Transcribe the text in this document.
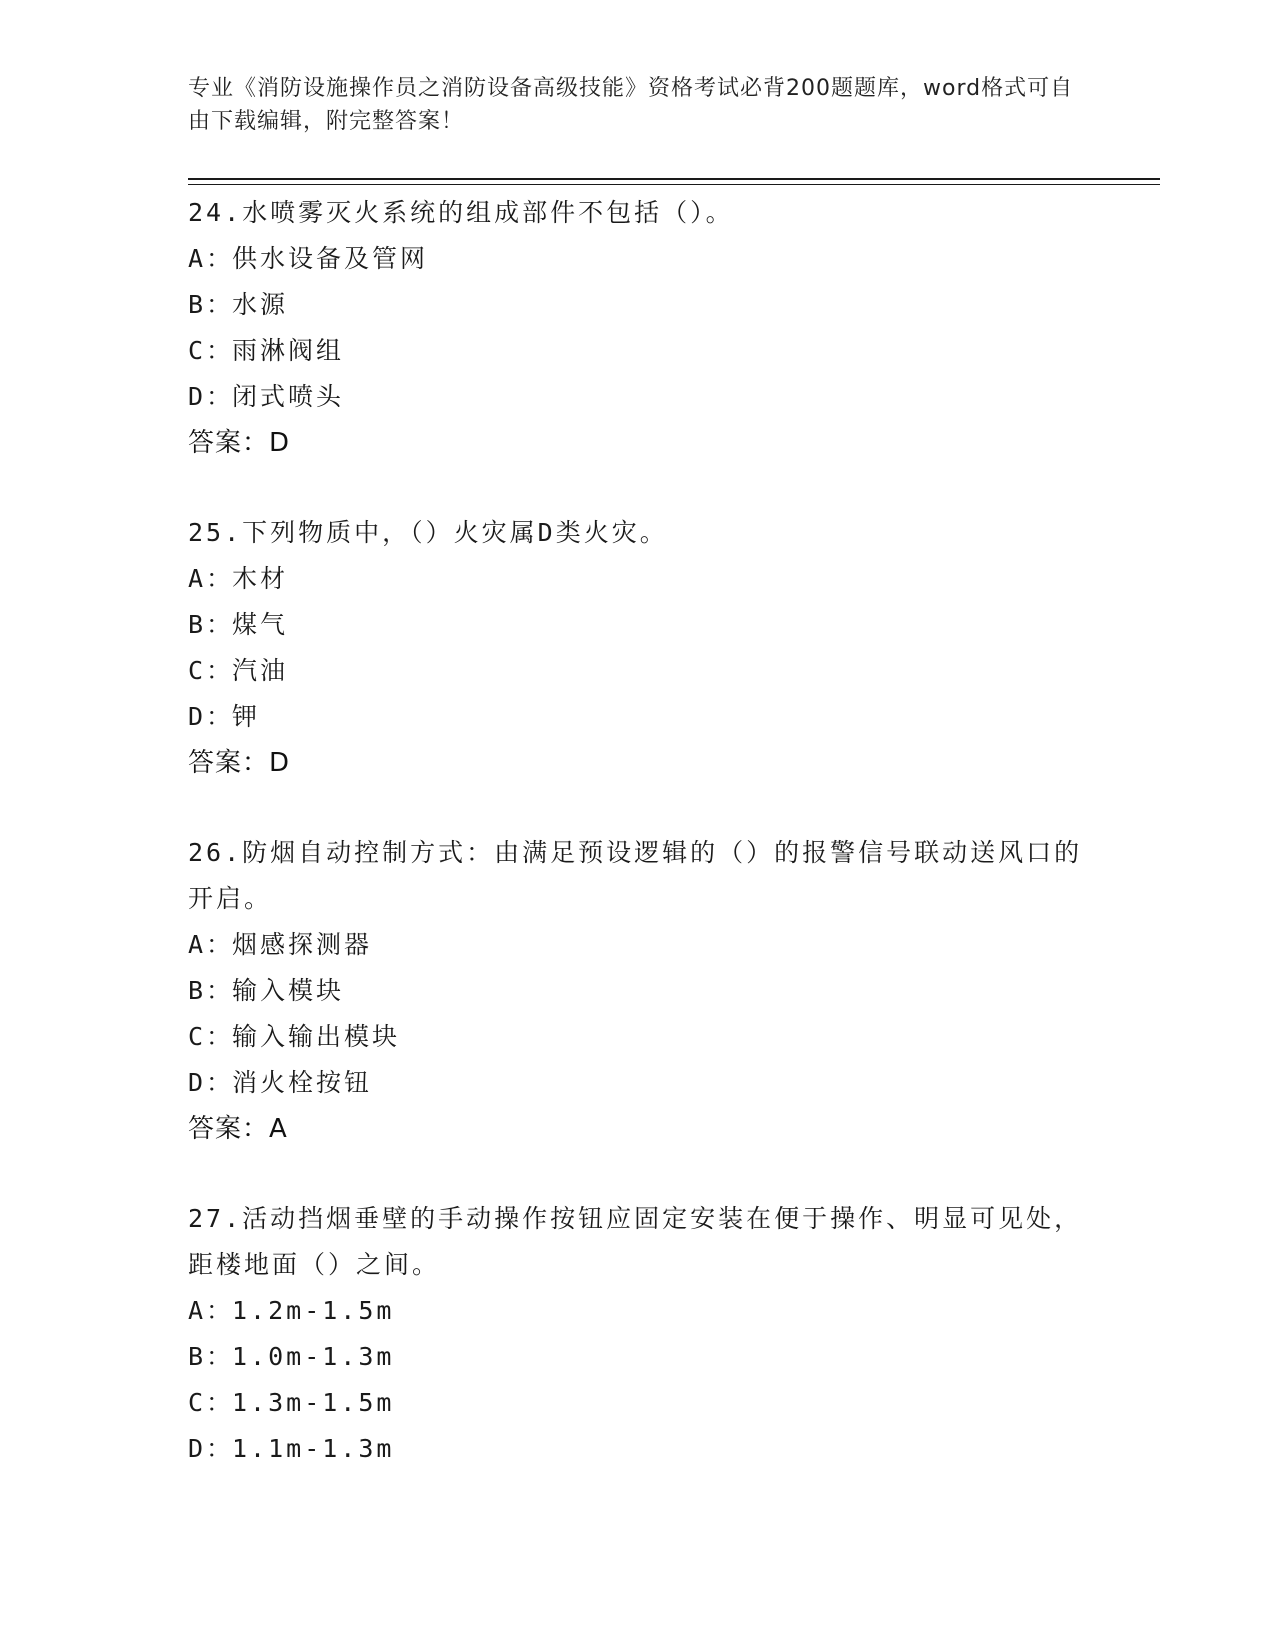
专业《消防设施操作员之消防设备高级技能》资格考试必背200题题库，word格式可自由下载编辑，附完整答案！
24.水喷雾灭火系统的组成部件不包括（）。
A：供水设备及管网
B：水源
C：雨淋阀组
D：闭式喷头
答案：D
25.下列物质中，（）火灾属D类火灾。
A：木材
B：煤气
C：汽油
D：钾
答案：D
26.防烟自动控制方式：由满足预设逻辑的（）的报警信号联动送风口的开启。
A：烟感探测器
B：输入模块
C：输入输出模块
D：消火栓按钮
答案：A
27.活动挡烟垂壁的手动操作按钮应固定安装在便于操作、明显可见处，距楼地面（）之间。
A：1.2m-1.5m
B：1.0m-1.3m
C：1.3m-1.5m
D：1.1m-1.3m
